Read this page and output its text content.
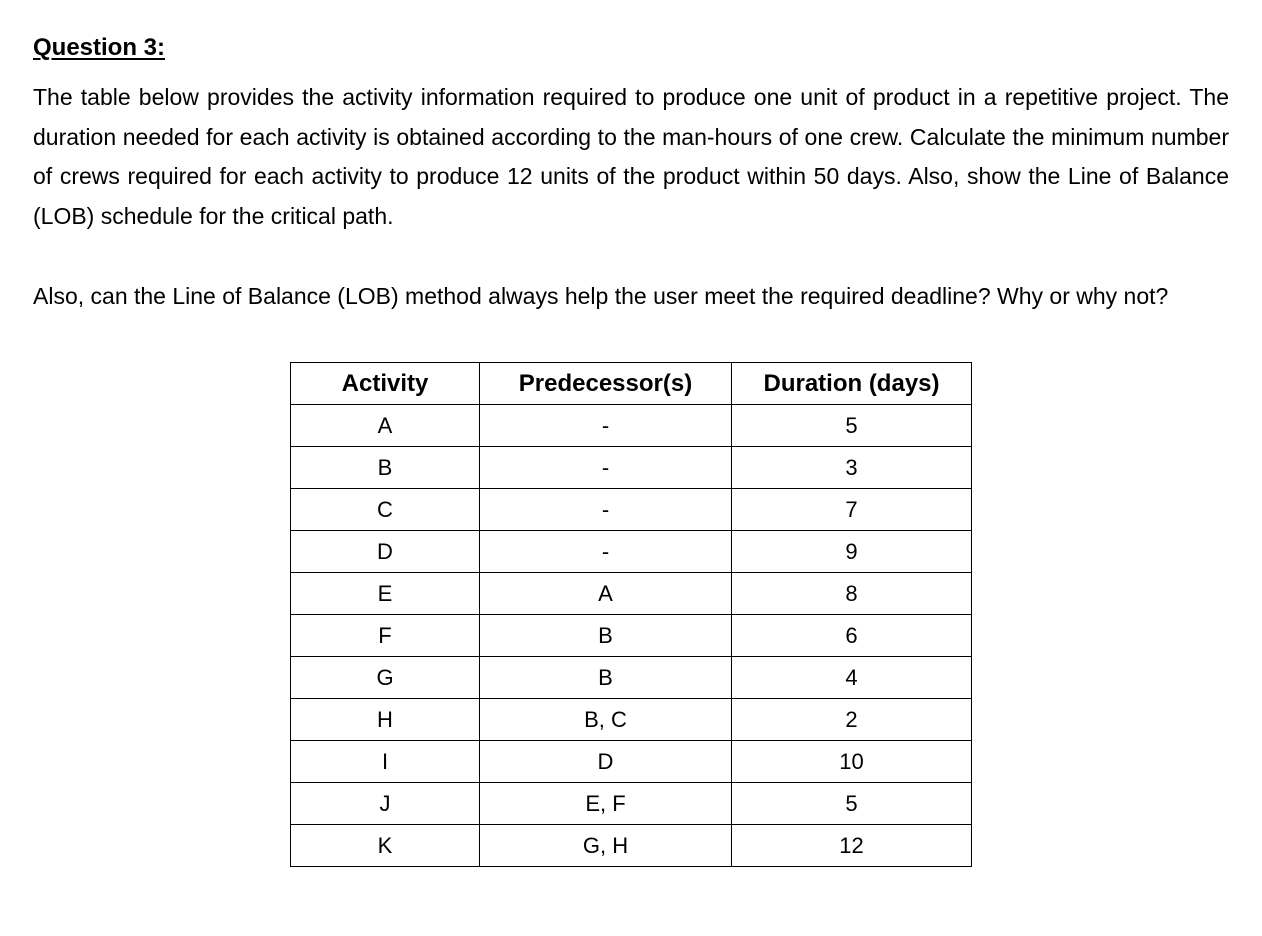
Question 3:

The table below provides the activity information required to produce one unit of product in a repetitive project. The duration needed for each activity is obtained according to the man-hours of one crew. Calculate the minimum number of crews required for each activity to produce 12 units of the product within 50 days. Also, show the Line of Balance (LOB) schedule for the critical path.

Also, can the Line of Balance (LOB) method always help the user meet the required deadline? Why or why not?

Activity	Predecessor(s)	Duration (days)
A	-	5
B	-	3
C	-	7
D	-	9
E	A	8
F	B	6
G	B	4
H	B, C	2
I	D	10
J	E, F	5
K	G, H	12
